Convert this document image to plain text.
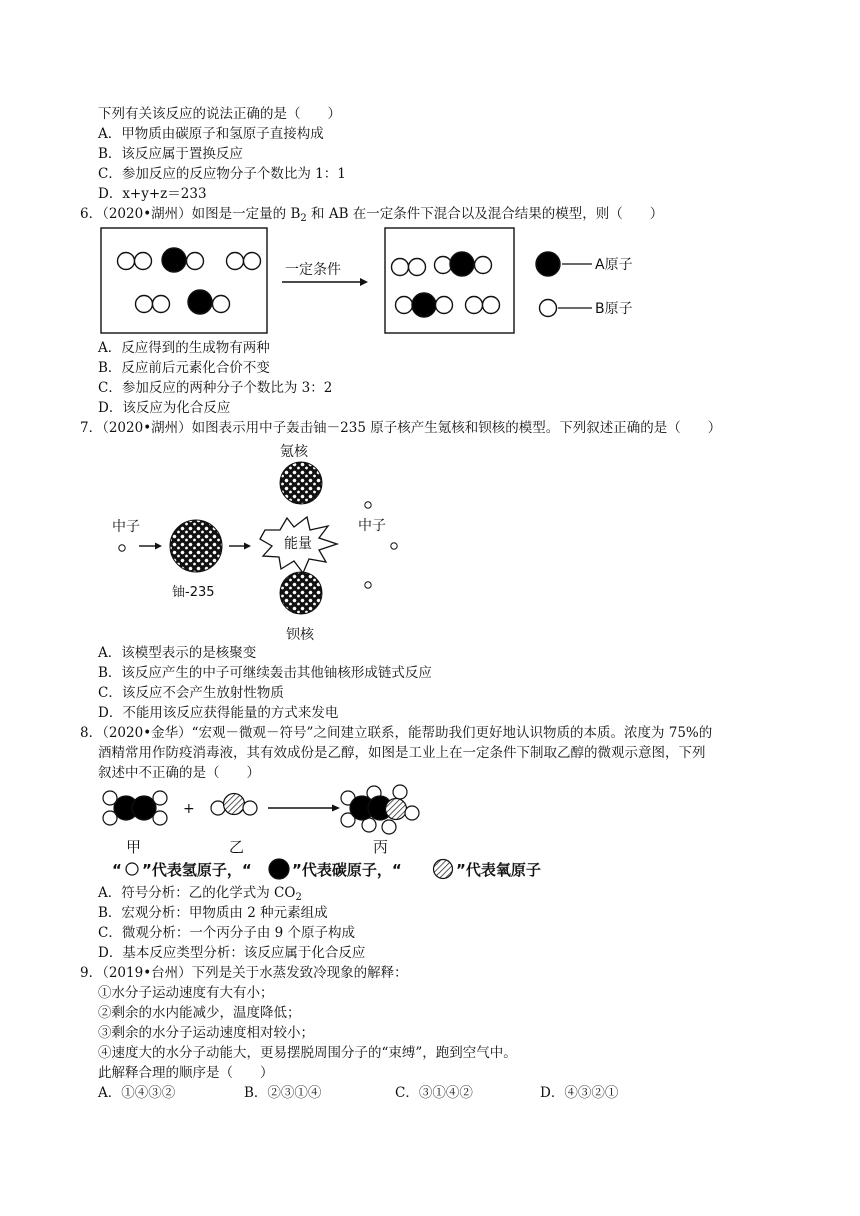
下列有关该反应的说法正确的是（　　）
A．甲物质由碳原子和氢原子直接构成
B．该反应属于置换反应
C．参加反应的反应物分子个数比为 1：1
D．x+y+z＝233
6．（2020•湖州）如图是一定量的 $B_2$ 和 AB 在一定条件下混合以及混合结果的模型，则（　　）
一定条件	A原子
B原子
A．反应得到的生成物有两种
B．反应前后元素化合价不变
C．参加反应的两种分子个数比为 3：2
D．该反应为化合反应
7．（2020•湖州）如图表示用中子轰击铀－235 原子核产生氪核和钡核的模型。下列叙述正确的是（　　）
氪核
中子
能量
中子
铀-235
钡核
A．该模型表示的是核聚变
B．该反应产生的中子可继续轰击其他铀核形成链式反应
C．该反应不会产生放射性物质
D．不能用该反应获得能量的方式来发电
8．（2020•金华）“宏观－微观－符号”之间建立联系，能帮助我们更好地认识物质的本质。浓度为 75%的
酒精常用作防疫消毒液，其有效成份是乙醇，如图是工业上在一定条件下制取乙醇的微观示意图，下列
叙述中不正确的是（　　）
+
甲	乙	丙
“ ”代表氢原子，“	”代表碳原子，“	”代表氧原子
A．符号分析：乙的化学式为 $CO_2$
B．宏观分析：甲物质由 2 种元素组成
C．微观分析：一个丙分子由 9 个原子构成
D．基本反应类型分析：该反应属于化合反应
9．（2019•台州）下列是关于水蒸发致冷现象的解释：
①水分子运动速度有大有小；
②剩余的水内能减少，温度降低；
③剩余的水分子运动速度相对较小；
④速度大的水分子动能大，更易摆脱周围分子的“束缚”，跑到空气中。
此解释合理的顺序是（　　）
A．①④③②	B．②③①④	C．③①④②	D．④③②①
